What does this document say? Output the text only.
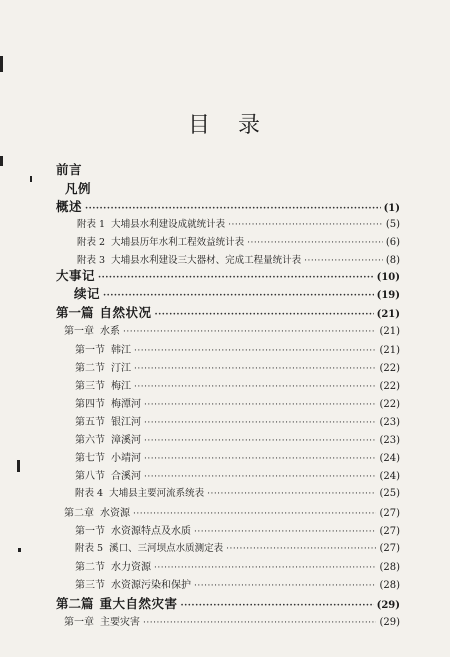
目 录
前言
凡例
概述 ·····	(1)
附表 1 大埔县水利建设成就统计表 ·····	(5)
附表 2 大埔县历年水利工程效益统计表 ·····	(6)
附表 3 大埔县水利建设三大器材、完成工程量统计表 ·····	(8)
大事记 ·····	(10)
续记 ·····	(19)
第一篇 自然状况 ·····	(21)
第一章 水系 ·····	(21)
第一节 韩江 ·····	(21)
第二节 汀江 ·····	(22)
第三节 梅江 ·····	(22)
第四节 梅潭河 ·····	(22)
第五节 银江河 ·····	(23)
第六节 漳溪河 ·····	(23)
第七节 小靖河 ·····	(24)
第八节 合溪河 ·····	(24)
附表 4 大埔县主要河流系统表 ·····	(25)
第二章 水资源 ·····	(27)
第一节 水资源特点及水质 ·····	(27)
附表 5 溪口、三河坝点水质测定表 ·····	(27)
第二节 水力资源 ·····	(28)
第三节 水资源污染和保护 ·····	(28)
第二篇 重大自然灾害 ·····	(29)
第一章 主要灾害 ·····	(29)
